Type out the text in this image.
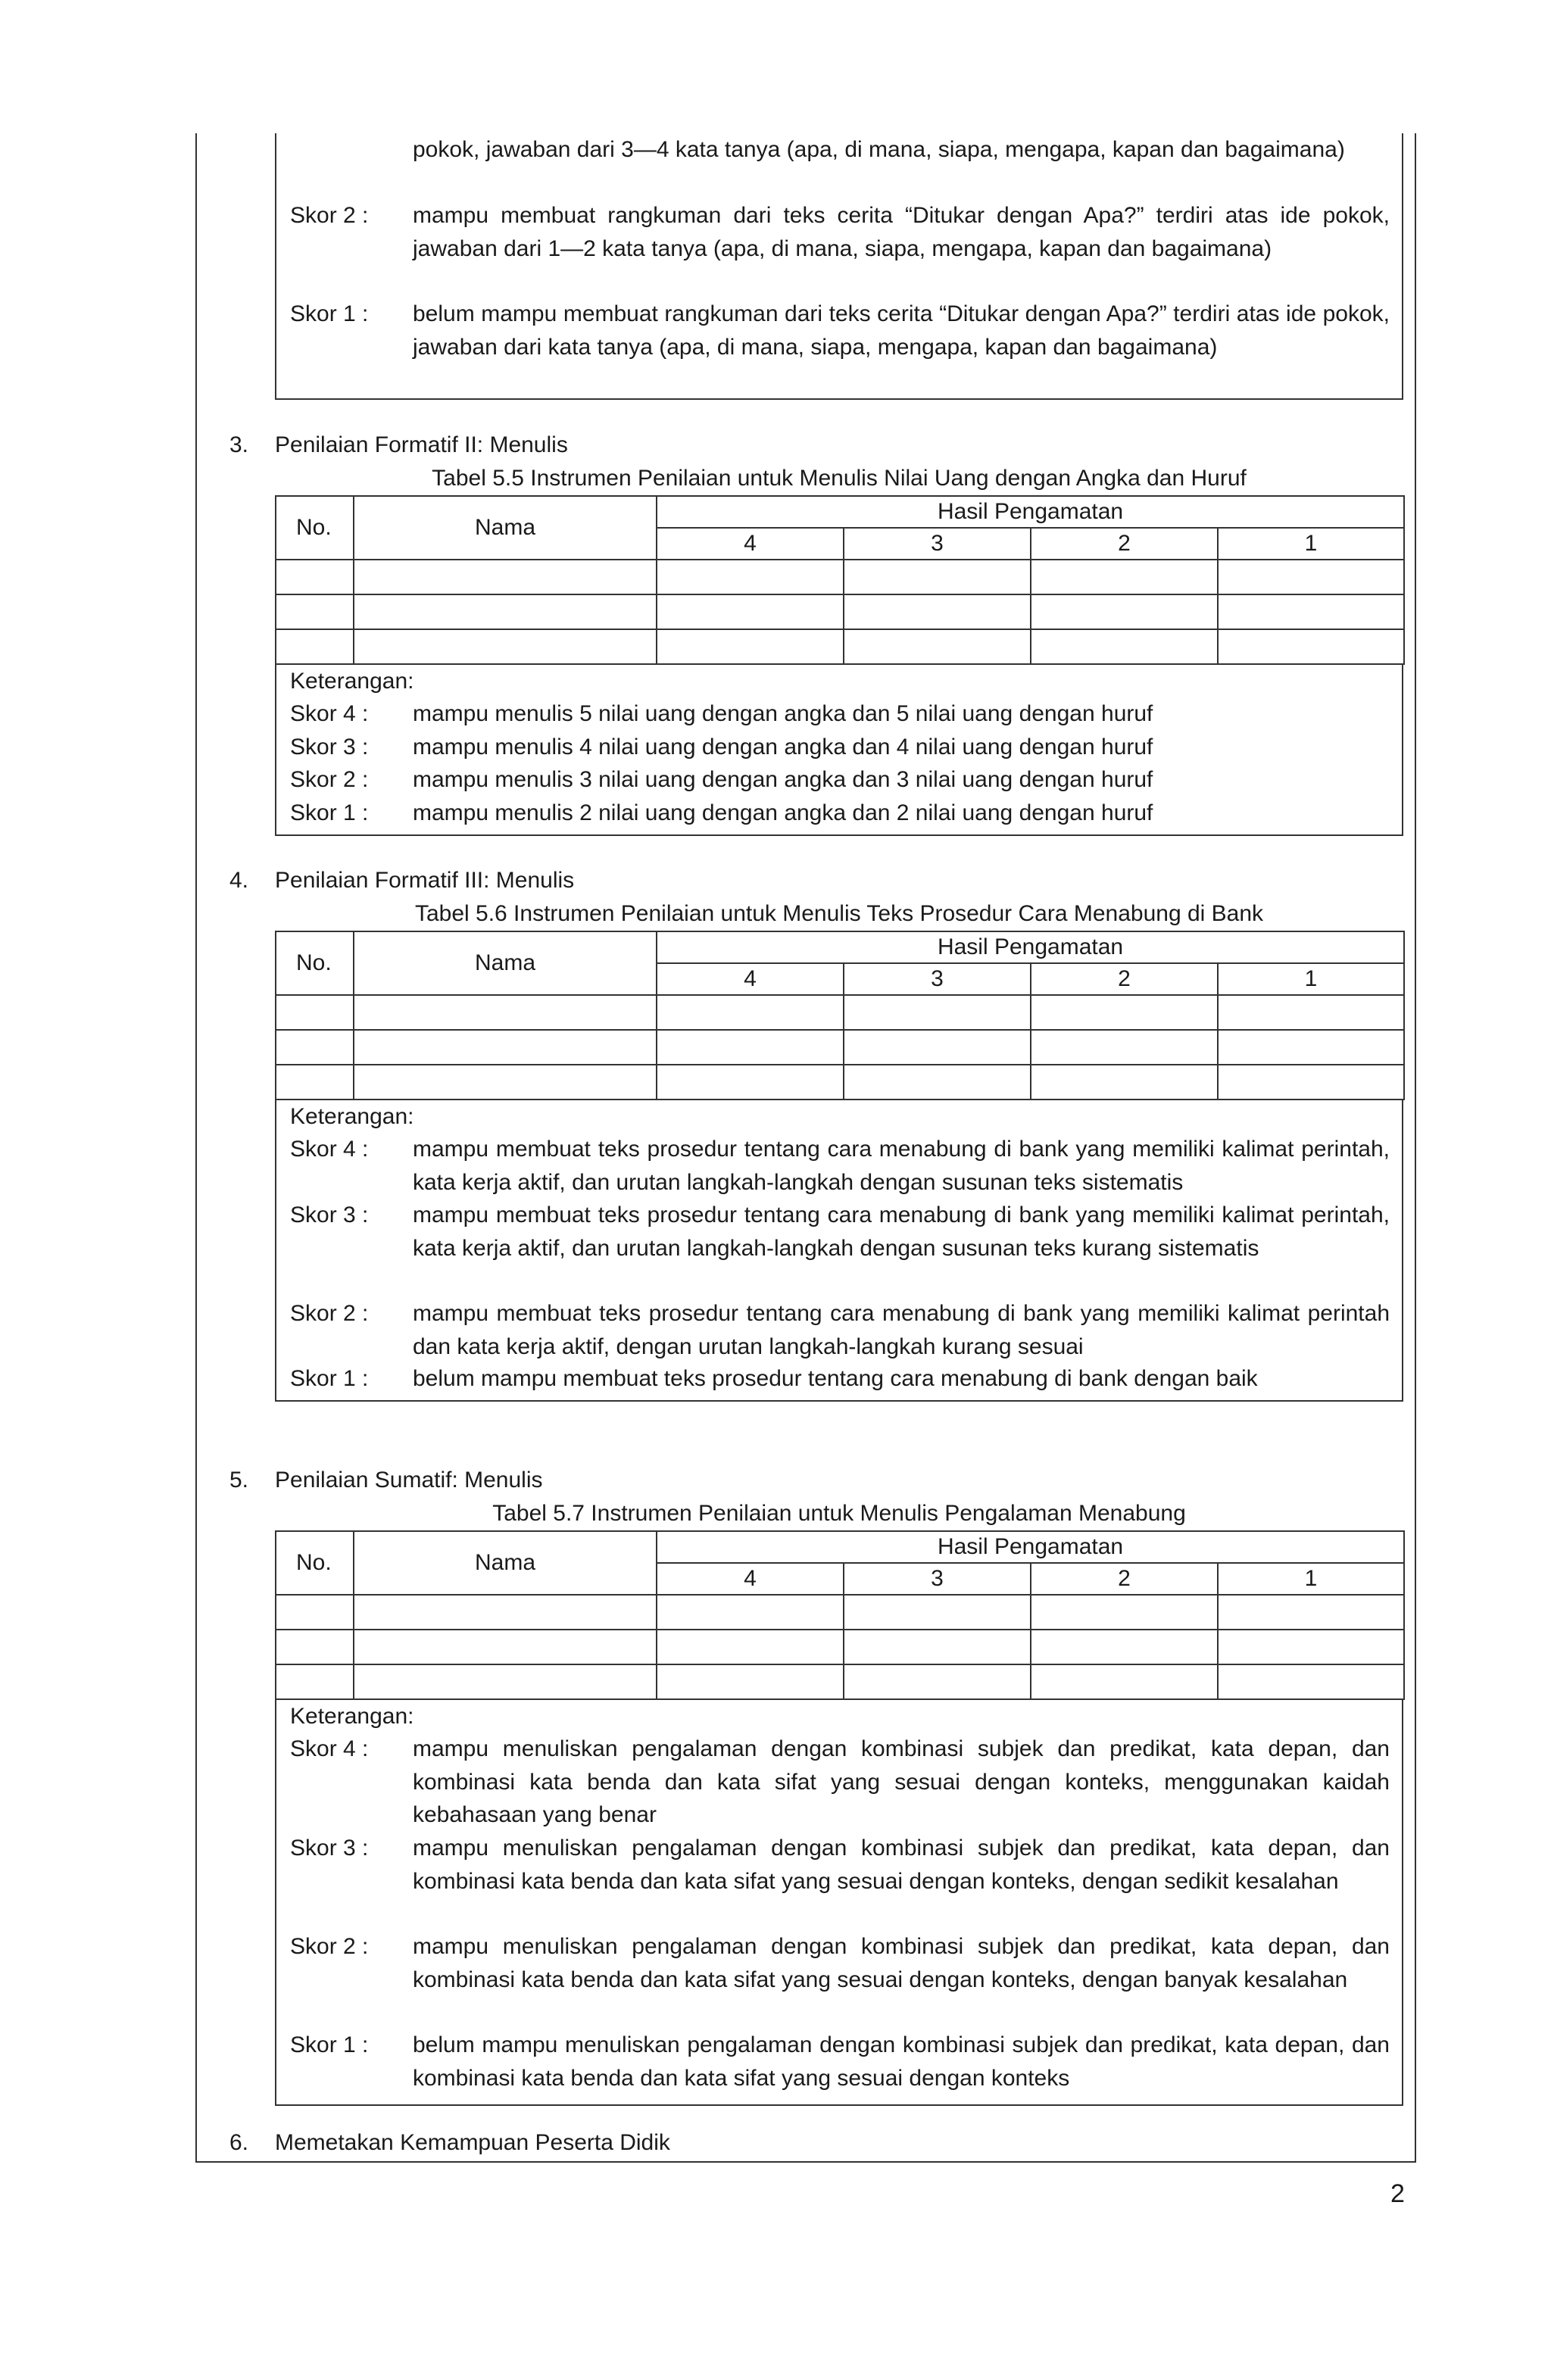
pokok, jawaban dari 3—4 kata tanya (apa, di mana, siapa, mengapa, kapan dan bagaimana)
Skor 2 : mampu membuat rangkuman dari teks cerita “Ditukar dengan Apa?” terdiri atas ide pokok, jawaban dari 1—2 kata tanya (apa, di mana, siapa, mengapa, kapan dan bagaimana)
Skor 1 : belum mampu membuat rangkuman dari teks cerita “Ditukar dengan Apa?” terdiri atas ide pokok, jawaban dari kata tanya (apa, di mana, siapa, mengapa, kapan dan bagaimana)
3. Penilaian Formatif II: Menulis
Tabel 5.5 Instrumen Penilaian untuk Menulis Nilai Uang dengan Angka dan Huruf
No.	Nama	Hasil Pengamatan			
		4	3	2	1

Keterangan:
Skor 4 : mampu menulis 5 nilai uang dengan angka dan 5 nilai uang dengan huruf
Skor 3 : mampu menulis 4 nilai uang dengan angka dan 4 nilai uang dengan huruf
Skor 2 : mampu menulis 3 nilai uang dengan angka dan 3 nilai uang dengan huruf
Skor 1 : mampu menulis 2 nilai uang dengan angka dan 2 nilai uang dengan huruf
4. Penilaian Formatif III: Menulis
Tabel 5.6 Instrumen Penilaian untuk Menulis Teks Prosedur Cara Menabung di Bank
No.	Nama	Hasil Pengamatan			
		4	3	2	1

Keterangan:
Skor 4 : mampu membuat teks prosedur tentang cara menabung di bank yang memiliki kalimat perintah, kata kerja aktif, dan urutan langkah-langkah dengan susunan teks sistematis
Skor 3 : mampu membuat teks prosedur tentang cara menabung di bank yang memiliki kalimat perintah, kata kerja aktif, dan urutan langkah-langkah dengan susunan teks kurang sistematis
Skor 2 : mampu membuat teks prosedur tentang cara menabung di bank yang memiliki kalimat perintah dan kata kerja aktif, dengan urutan langkah-langkah kurang sesuai
Skor 1 : belum mampu membuat teks prosedur tentang cara menabung di bank dengan baik
5. Penilaian Sumatif: Menulis
Tabel 5.7 Instrumen Penilaian untuk Menulis Pengalaman Menabung
No.	Nama	Hasil Pengamatan			
		4	3	2	1

Keterangan:
Skor 4 : mampu menuliskan pengalaman dengan kombinasi subjek dan predikat, kata depan, dan kombinasi kata benda dan kata sifat yang sesuai dengan konteks, menggunakan kaidah kebahasaan yang benar
Skor 3 : mampu menuliskan pengalaman dengan kombinasi subjek dan predikat, kata depan, dan kombinasi kata benda dan kata sifat yang sesuai dengan konteks, dengan sedikit kesalahan
Skor 2 : mampu menuliskan pengalaman dengan kombinasi subjek dan predikat, kata depan, dan kombinasi kata benda dan kata sifat yang sesuai dengan konteks, dengan banyak kesalahan
Skor 1 : belum mampu menuliskan pengalaman dengan kombinasi subjek dan predikat, kata depan, dan kombinasi kata benda dan kata sifat yang sesuai dengan konteks
6. Memetakan Kemampuan Peserta Didik
2
